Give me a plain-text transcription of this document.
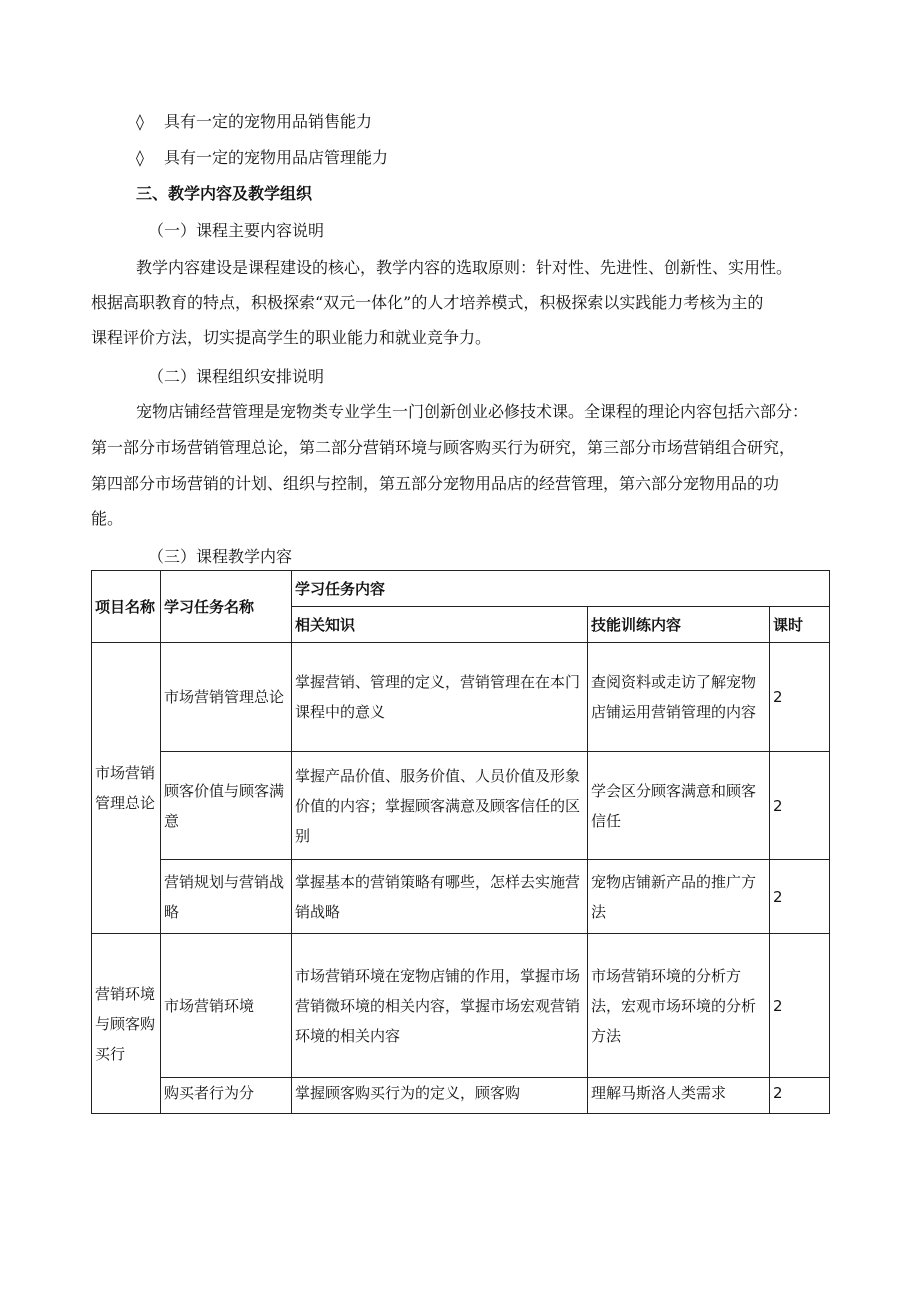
◊ 具有一定的宠物用品销售能力
◊ 具有一定的宠物用品店管理能力
三、教学内容及教学组织
（一）课程主要内容说明
教学内容建设是课程建设的核心，教学内容的选取原则：针对性、先进性、创新性、实用性。
根据高职教育的特点，积极探索“双元一体化”的人才培养模式，积极探索以实践能力考核为主的
课程评价方法，切实提高学生的职业能力和就业竞争力。
（二）课程组织安排说明
宠物店铺经营管理是宠物类专业学生一门创新创业必修技术课。全课程的理论内容包括六部分：
第一部分市场营销管理总论，第二部分营销环境与顾客购买行为研究，第三部分市场营销组合研究，
第四部分市场营销的计划、组织与控制，第五部分宠物用品店的经营管理，第六部分宠物用品的功
能。
（三）课程教学内容
项目名称	学习任务名称	学习任务内容		
		相关知识	技能训练内容	课时
市场营销管理总论	市场营销管理总论	掌握营销、管理的定义，营销管理在在本门课程中的意义	查阅资料或走访了解宠物店铺运用营销管理的内容	2
	顾客价值与顾客满意	掌握产品价值、服务价值、人员价值及形象价值的内容；掌握顾客满意及顾客信任的区别	学会区分顾客满意和顾客信任	2
	营销规划与营销战略	掌握基本的营销策略有哪些，怎样去实施营销战略	宠物店铺新产品的推广方法	2
营销环境与顾客购买行	市场营销环境	市场营销环境在宠物店铺的作用，掌握市场营销微环境的相关内容，掌握市场宏观营销环境的相关内容	市场营销环境的分析方法，宏观市场环境的分析方法	2
	购买者行为分	掌握顾客购买行为的定义，顾客购	理解马斯洛人类需求	2
